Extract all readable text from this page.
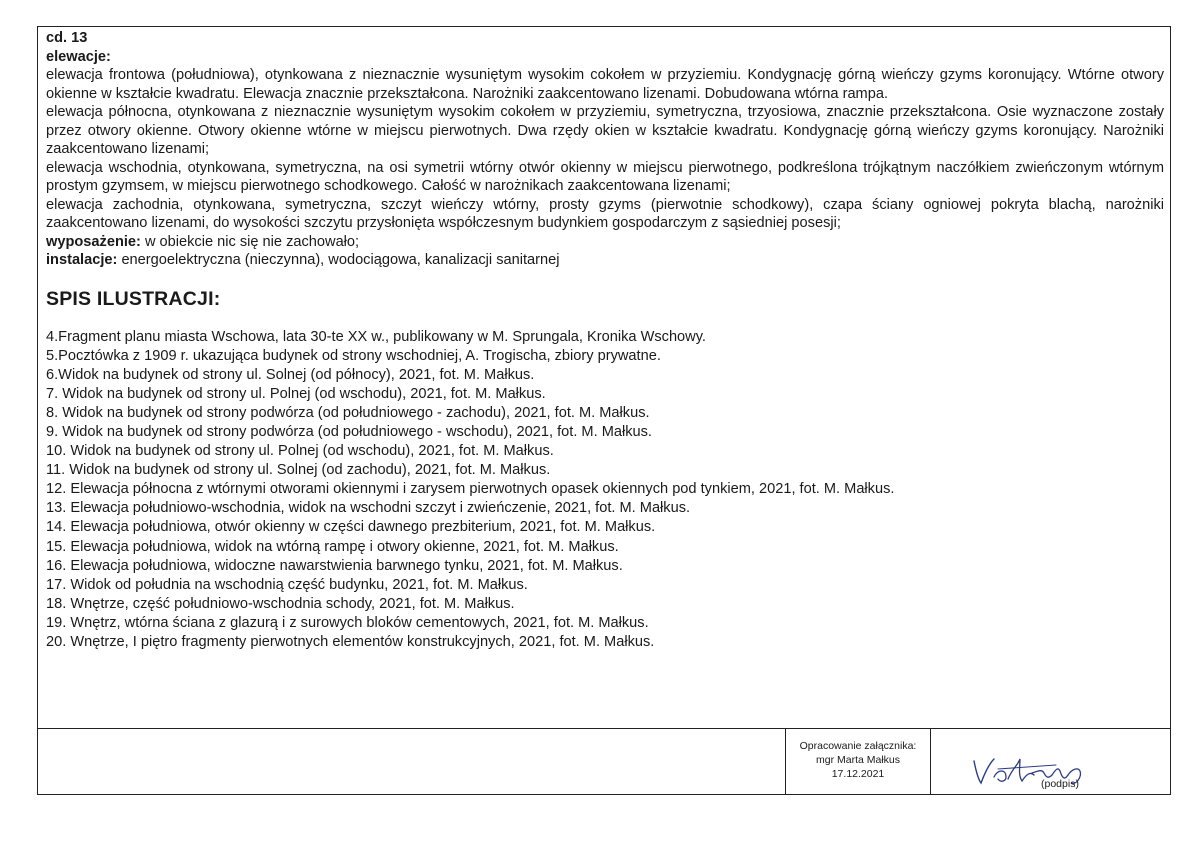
cd. 13
elewacje:
elewacja frontowa (południowa), otynkowana z nieznacznie wysuniętym wysokim cokołem w przyziemiu. Kondygnację górną wieńczy gzyms koronujący. Wtórne otwory okienne w kształcie kwadratu. Elewacja znacznie przekształcona. Narożniki zaakcentowano lizenami. Dobudowana wtórna rampa.
elewacja północna, otynkowana z nieznacznie wysuniętym wysokim cokołem w przyziemiu, symetryczna, trzyosiowa, znacznie przekształcona. Osie wyznaczone zostały przez otwory okienne. Otwory okienne wtórne w miejscu pierwotnych. Dwa rzędy okien w kształcie kwadratu. Kondygnację górną wieńczy gzyms koronujący. Narożniki zaakcentowano lizenami;
elewacja wschodnia, otynkowana, symetryczna, na osi symetrii wtórny otwór okienny w miejscu pierwotnego, podkreślona trójkątnym naczółkiem zwieńczonym wtórnym prostym gzymsem, w miejscu pierwotnego schodkowego. Całość w narożnikach zaakcentowana lizenami;
elewacja zachodnia, otynkowana, symetryczna, szczyt wieńczy wtórny, prosty gzyms (pierwotnie schodkowy), czapa ściany ogniowej pokryta blachą, narożniki zaakcentowano lizenami, do wysokości szczytu przysłonięta współczesnym budynkiem gospodarczym z sąsiedniej posesji;
wyposażenie: w obiekcie nic się nie zachowało;
instalacje: energoelektryczna (nieczynna), wodociągowa, kanalizacji sanitarnej
SPIS ILUSTRACJI:
4.Fragment planu miasta Wschowa, lata 30-te XX w., publikowany w M. Sprungala, Kronika Wschowy.
5.Pocztówka z 1909 r. ukazująca budynek od strony wschodniej, A. Trogischa, zbiory prywatne.
6.Widok na budynek od strony ul. Solnej (od północy), 2021, fot. M. Małkus.
7. Widok na budynek od strony ul. Polnej (od wschodu), 2021, fot. M. Małkus.
8. Widok na budynek od strony podwórza (od południowego - zachodu), 2021, fot. M. Małkus.
9. Widok na budynek od strony podwórza (od południowego - wschodu), 2021, fot. M. Małkus.
10. Widok na budynek od strony ul. Polnej (od wschodu), 2021, fot. M. Małkus.
11. Widok na budynek od strony ul. Solnej (od zachodu), 2021, fot. M. Małkus.
12. Elewacja północna z wtórnymi otworami okiennymi i zarysem pierwotnych opasek okiennych pod tynkiem, 2021, fot. M. Małkus.
13. Elewacja południowo-wschodnia, widok na wschodni szczyt i zwieńczenie, 2021, fot. M. Małkus.
14. Elewacja południowa, otwór okienny w części dawnego prezbiterium, 2021, fot. M. Małkus.
15. Elewacja południowa, widok na wtórną rampę i otwory okienne, 2021, fot. M. Małkus.
16. Elewacja południowa, widoczne nawarstwienia barwnego tynku, 2021, fot. M. Małkus.
17. Widok od południa na wschodnią część budynku, 2021, fot. M. Małkus.
18. Wnętrze, część południowo-wschodnia schody, 2021, fot. M. Małkus.
19. Wnętrz, wtórna ściana z glazurą i z surowych bloków cementowych, 2021, fot. M. Małkus.
20. Wnętrze, I piętro fragmenty pierwotnych elementów konstrukcyjnych, 2021, fot. M. Małkus.
Opracowanie załącznika:
mgr Marta Małkus
17.12.2021
(podpis)
